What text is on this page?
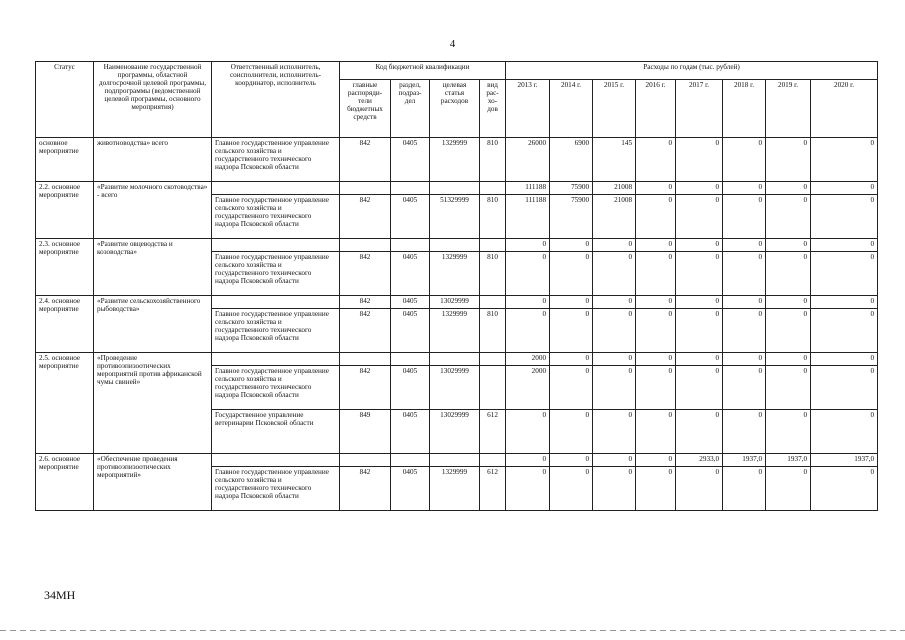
4
Статус	Наименование государственной программы, областной долгосрочной целевой программы, подпрограммы (ведомственной целевой программы, основного мероприятия)	Ответственный исполнитель, соисполнители, исполнитель-координатор, исполнитель	Код бюджетной квалификации				Расходы по годам (тыс. рублей)							
			главные распоряди-тели бюджетных средств	раздел, подраз-дел	целевая статья расходов	вид рас-хо-дов	2013 г.	2014 г.	2015 г.	2016 г.	2017 г.	2018 г.	2019 г.	2020 г.
основное мероприятие	животноводства» всего	Главное государственное управление сельского хозяйства и государственного технического надзора Псковской области	842	0405	1329999	810	26000	6900	145	0	0	0	0	0
2.2. основное мероприятие	«Развитие молочного скотоводства» - всего						111188	75900	21008	0	0	0	0	0
		Главное государственное управление сельского хозяйства и государственного технического надзора Псковской области	842	0405	51329999	810	111188	75900	21008	0	0	0	0	0
2.3. основное мероприятие	«Развитие овцеводства и козоводства»						0	0	0	0	0	0	0	0
		Главное государственное управление сельского хозяйства и государственного технического надзора Псковской области	842	0405	1329999	810	0	0	0	0	0	0	0	0
2.4. основное мероприятие	«Развитие сельскохозяйственного рыбоводства»		842	0405	13029999		0	0	0	0	0	0	0	0
		Главное государственное управление сельского хозяйства и государственного технического надзора Псковской области	842	0405	1329999	810	0	0	0	0	0	0	0	0
2.5. основное мероприятие	«Проведение противоэпизоотических мероприятий против африканской чумы свиней»						2000	0	0	0	0	0	0	0
		Главное государственное управление сельского хозяйства и государственного технического надзора Псковской области	842	0405	13029999		2000	0	0	0	0	0	0	0
		Государственное управление ветеринарии Псковской области	849	0405	13029999	612	0	0	0	0	0	0	0	0
2.6. основное мероприятие	«Обеспечение проведения противоэпизоотических мероприятий»						0	0	0	0	2933,0	1937,0	1937,0	1937,0
		Главное государственное управление сельского хозяйства и государственного технического надзора Псковской области	842	0405	1329999	612	0	0	0	0	0	0	0	0
34МН
